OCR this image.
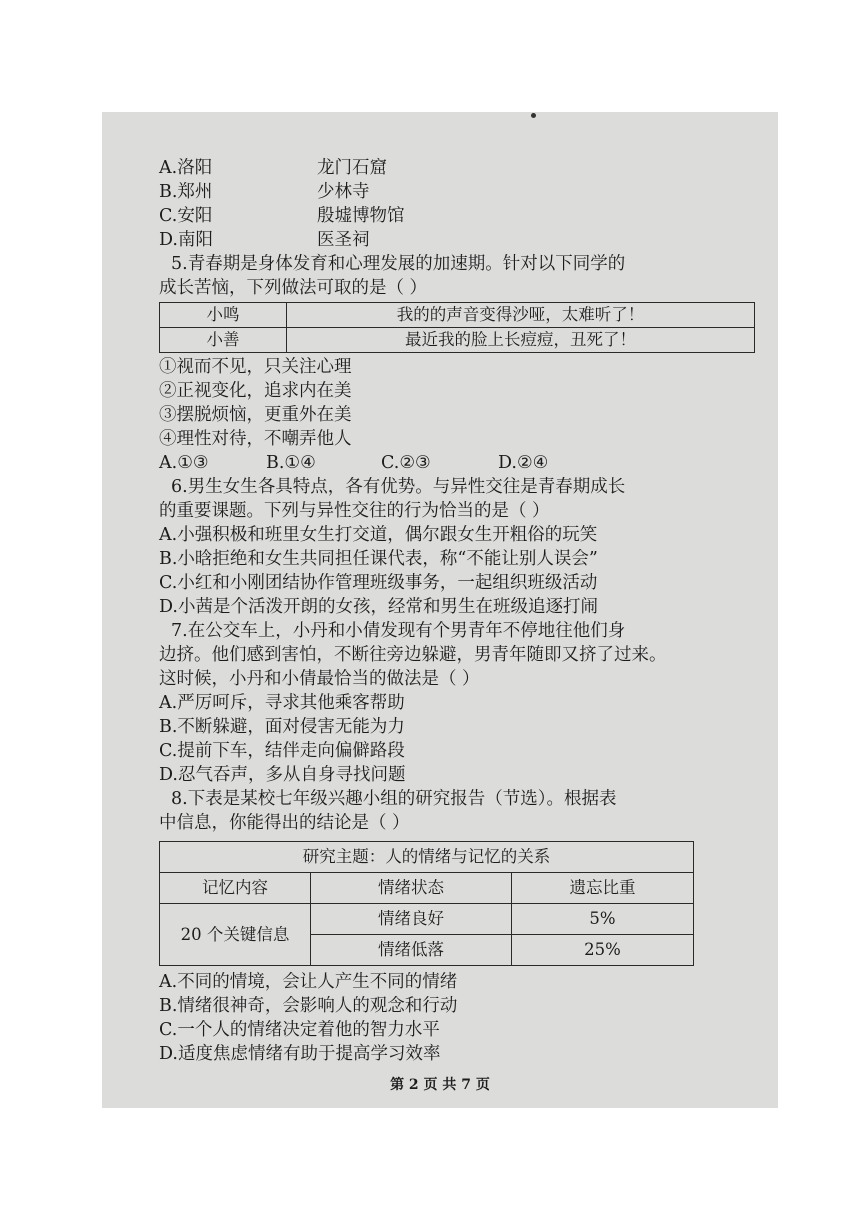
A.洛阳	龙门石窟
B.郑州	少林寺
C.安阳	殷墟博物馆
D.南阳	医圣祠
5.青春期是身体发育和心理发展的加速期。针对以下同学的
成长苦恼，下列做法可取的是（ ）
小鸣	我的的声音变得沙哑，太难听了！
小善	最近我的脸上长痘痘，丑死了！
①视而不见，只关注心理
②正视变化，追求内在美
③摆脱烦恼，更重外在美
④理性对待，不嘲弄他人
A.①③	B.①④	C.②③	D.②④
6.男生女生各具特点，各有优势。与异性交往是青春期成长
的重要课题。下列与异性交往的行为恰当的是（ ）
A.小强积极和班里女生打交道，偶尔跟女生开粗俗的玩笑
B.小晗拒绝和女生共同担任课代表，称“不能让别人误会”
C.小红和小刚团结协作管理班级事务，一起组织班级活动
D.小茜是个活泼开朗的女孩，经常和男生在班级追逐打闹
7.在公交车上，小丹和小倩发现有个男青年不停地往他们身
边挤。他们感到害怕，不断往旁边躲避，男青年随即又挤了过来。
这时候，小丹和小倩最恰当的做法是（ ）
A.严厉呵斥，寻求其他乘客帮助
B.不断躲避，面对侵害无能为力
C.提前下车，结伴走向偏僻路段
D.忍气吞声，多从自身寻找问题
8.下表是某校七年级兴趣小组的研究报告（节选）。根据表
中信息，你能得出的结论是（ ）
研究主题：人的情绪与记忆的关系		
记忆内容	情绪状态	遗忘比重
20 个关键信息	情绪良好	5%
	情绪低落	25%
A.不同的情境，会让人产生不同的情绪
B.情绪很神奇，会影响人的观念和行动
C.一个人的情绪决定着他的智力水平
D.适度焦虑情绪有助于提高学习效率
第 2 页 共 7 页
